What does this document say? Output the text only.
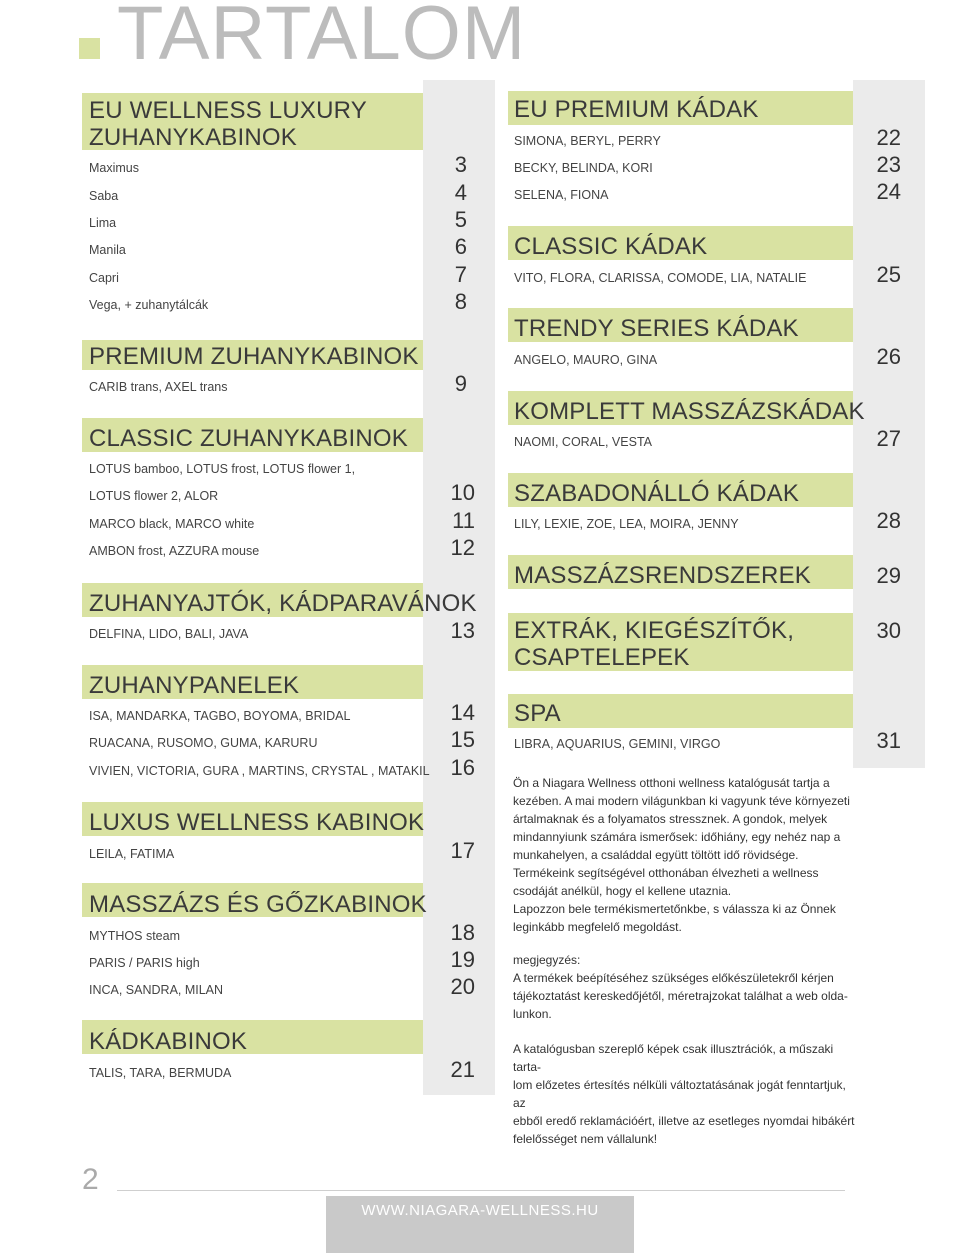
TARTALOM
EU WELLNESS LUXURY
ZUHANYKABINOK
Maximus	3
Saba	4
Lima	5
Manila	6
Capri	7
Vega, + zuhanytálcák	8
PREMIUM ZUHANYKABINOK
CARIB trans, AXEL trans	9
CLASSIC ZUHANYKABINOK
LOTUS bamboo, LOTUS frost, LOTUS flower 1,
LOTUS flower 2, ALOR	10
MARCO black, MARCO white	11
AMBON frost, AZZURA mouse	12
ZUHANYAJTÓK, KÁDPARAVÁNOK
DELFINA, LIDO, BALI, JAVA	13
ZUHANYPANELEK
ISA, MANDARKA, TAGBO, BOYOMA, BRIDAL	14
RUACANA, RUSOMO, GUMA, KARURU	15
VIVIEN, VICTORIA, GURA , MARTINS, CRYSTAL , MATAKIL 16
LUXUS WELLNESS KABINOK
LEILA, FATIMA	17
MASSZÁZS ÉS GŐZKABINOK
MYTHOS steam	18
PARIS / PARIS high	19
INCA, SANDRA, MILAN	20
KÁDKABINOK
TALIS, TARA, BERMUDA	21
EU PREMIUM KÁDAK
SIMONA, BERYL, PERRY	22
BECKY, BELINDA, KORI	23
SELENA, FIONA	24
CLASSIC KÁDAK
VITO, FLORA, CLARISSA, COMODE, LIA, NATALIE	25
TRENDY SERIES KÁDAK
ANGELO, MAURO, GINA	26
KOMPLETT MASSZÁZSKÁDAK
NAOMI, CORAL, VESTA	27
SZABADONÁLLÓ KÁDAK
LILY, LEXIE, ZOE, LEA, MOIRA, JENNY	28
MASSZÁZSRENDSZEREK	29
EXTRÁK, KIEGÉSZÍTŐK,
CSAPTELEPEK
30
SPA
LIBRA, AQUARIUS, GEMINI, VIRGO	31
Ön a Niagara Wellness otthoni wellness katalógusát tartja a
kezében. A mai modern világunkban ki vagyunk téve környezeti
ártalmaknak és a folyamatos stressznek. A gondok, melyek
mindannyiunk számára ismerősek: időhiány, egy nehéz nap a
munkahelyen, a családdal együtt töltött idő rövidsége.
Termékeink segítségével otthonában élvezheti a wellness
csodáját anélkül, hogy el kellene utaznia.
Lapozzon bele termékismertetőnkbe, s válassza ki az Önnek
leginkább megfelelő megoldást.
megjegyzés:
A termékek beépítéséhez szükséges előkészületekről kérjen
tájékoztatást kereskedőjétől, méretrajzokat találhat a web olda-
lunkon.
A katalógusban szereplő képek csak illusztrációk, a műszaki tarta-
lom előzetes értesítés nélküli változtatásának jogát fenntartjuk, az
ebből eredő reklamációért, illetve az esetleges nyomdai hibákért
felelősséget nem vállalunk!
2
WWW.NIAGARA-WELLNESS.HU
